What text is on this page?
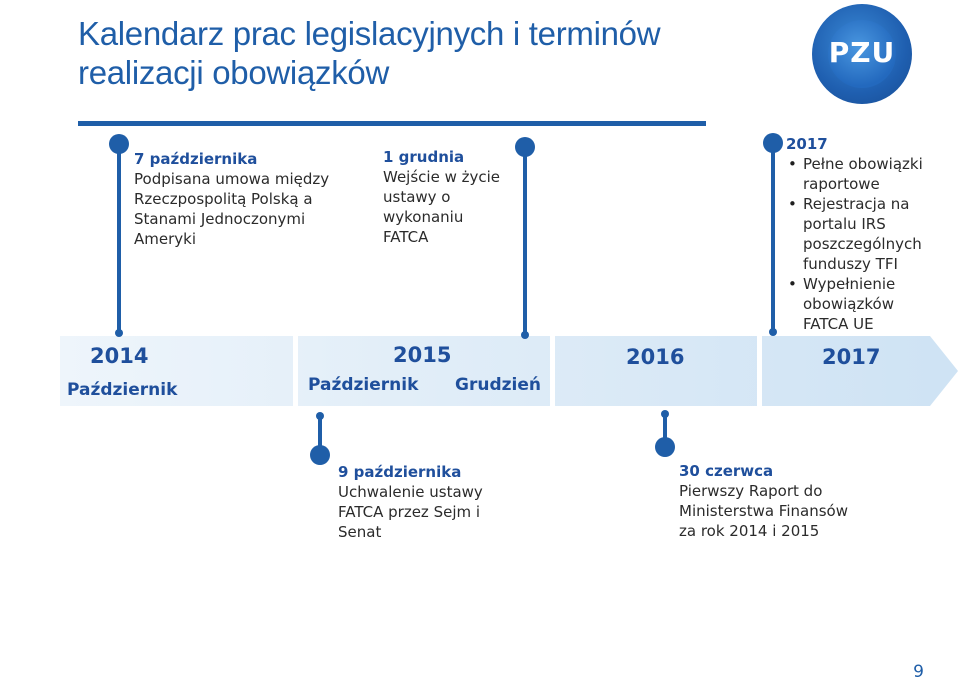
Kalendarz prac legislacyjnych i terminów
realizacji obowiązków
PZU
2014
Październik
2015
Październik Grudzień
2016	2017
7 października
Podpisana umowa między
Rzeczpospolitą Polską a
Stanami Jednoczonymi
Ameryki
1 grudnia
Wejście w życie
ustawy o
wykonaniu
FATCA
2017
• Pełne obowiązki
raportowe
• Rejestracja na
portalu IRS
poszczególnych
funduszy TFI
• Wypełnienie
obowiązków
FATCA UE
9 października
Uchwalenie ustawy
FATCA przez Sejm i
Senat
30 czerwca
Pierwszy Raport do
Ministerstwa Finansów
za rok 2014 i 2015
9
